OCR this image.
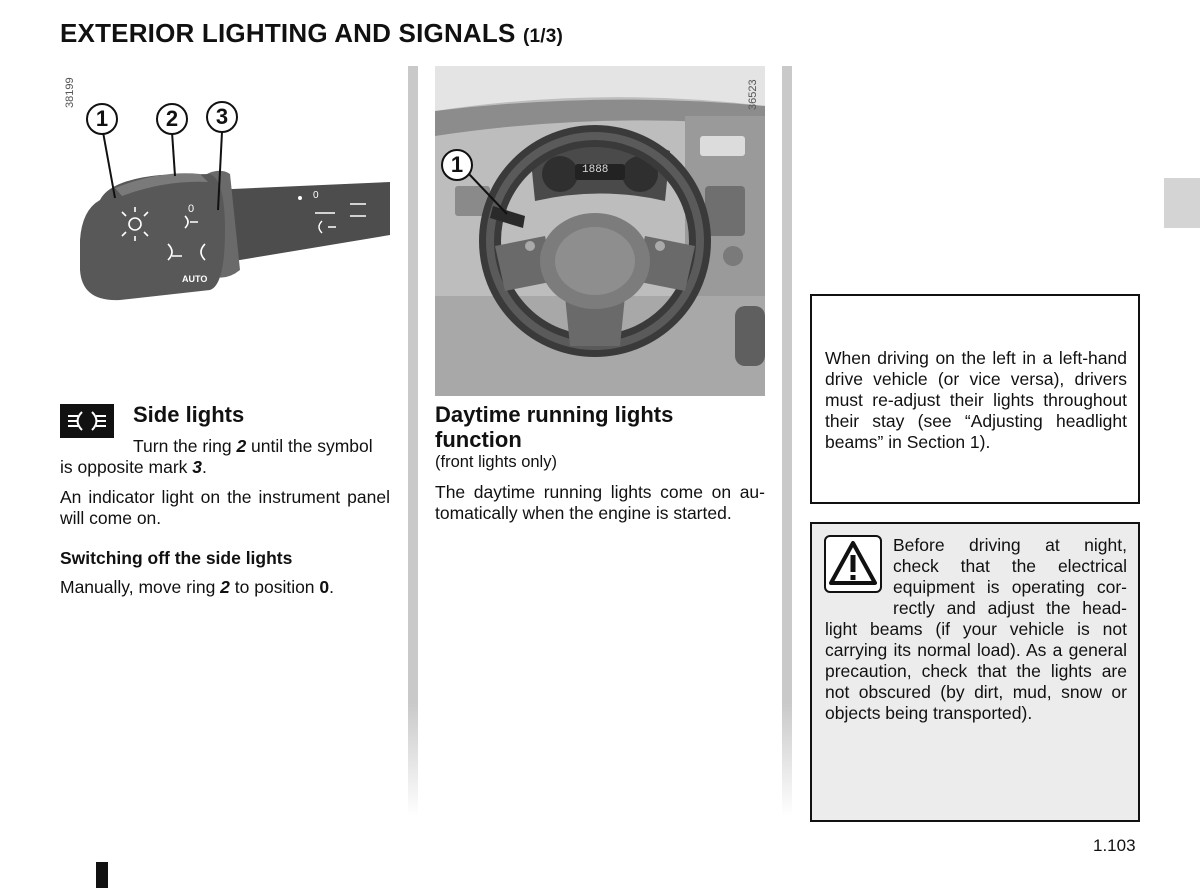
EXTERIOR LIGHTING AND SIGNALS (1/3)
38199
0
AUTO
0
1	2	3
Side lights
Turn the ring 2 until the symbol
is opposite mark 3.

An indicator light on the instrument panel will come on.

Switching off the side lights
Manually, move ring 2 to position 0.
1888
36523
1
Daytime running lights function
(front lights only)

The daytime running lights come on automatically when the engine is started.

When driving on the left in a left-hand drive vehicle (or vice versa), drivers must re-adjust their lights throughout their stay (see “Adjusting headlight beams” in Section 1).
Before driving at night,
check that the electrical
equipment is operating cor-
rectly and adjust the head-
light beams (if your vehicle is not carrying its normal load). As a general precaution, check that the lights are not obscured (by dirt, mud, snow or objects being transported).
1.103
